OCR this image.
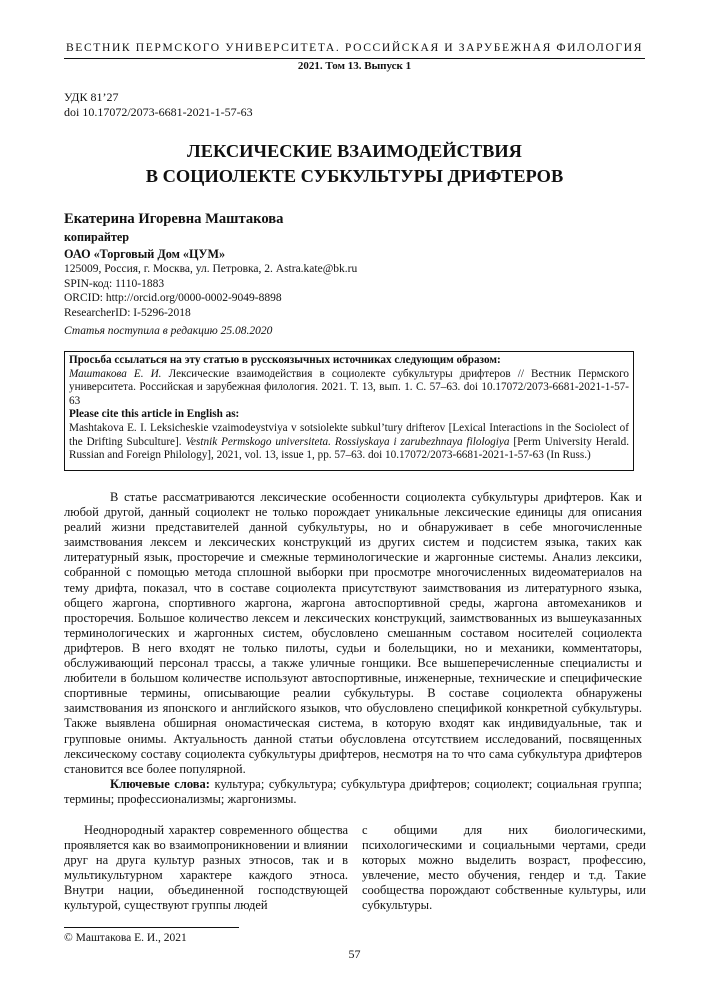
ВЕСТНИК ПЕРМСКОГО УНИВЕРСИТЕТА. РОССИЙСКАЯ И ЗАРУБЕЖНАЯ ФИЛОЛОГИЯ
2021. Том 13. Выпуск 1
УДК 81’27
doi 10.17072/2073-6681-2021-1-57-63
ЛЕКСИЧЕСКИЕ ВЗАИМОДЕЙСТВИЯ
В СОЦИОЛЕКТЕ СУБКУЛЬТУРЫ ДРИФТЕРОВ
Екатерина Игоревна Маштакова
копирайтер
ОАО «Торговый Дом «ЦУМ»
125009, Россия, г. Москва, ул. Петровка, 2. Astra.kate@bk.ru
SPIN-код: 1110-1883
ORCID: http://orcid.org/0000-0002-9049-8898
ResearcherID: I-5296-2018
Статья поступила в редакцию 25.08.2020
Просьба ссылаться на эту статью в русскоязычных источниках следующим образом:
Маштакова Е. И. Лексические взаимодействия в социолекте субкультуры дрифтеров // Вестник Пермского университета. Российская и зарубежная филология. 2021. Т. 13, вып. 1. С. 57–63. doi 10.17072/2073-6681-2021-1-57-63
Please cite this article in English as:
Mashtakova E. I. Leksicheskie vzaimodeystviya v sotsiolekte subkul’tury drifterov [Lexical Interactions in the Sociolect of the Drifting Subculture]. Vestnik Permskogo universiteta. Rossiyskaya i zarubezhnaya filologiya [Perm University Herald. Russian and Foreign Philology], 2021, vol. 13, issue 1, pp. 57–63. doi 10.17072/2073-6681-2021-1-57-63 (In Russ.)

В статье рассматриваются лексические особенности социолекта субкультуры дрифтеров. Как и любой другой, данный социолект не только порождает уникальные лексические единицы для описания реалий жизни представителей данной субкультуры, но и обнаруживает в себе многочисленные заимствования лексем и лексических конструкций из других систем и подсистем языка, таких как литературный язык, просторечие и смежные терминологические и жаргонные системы. Анализ лексики, собранной с помощью метода сплошной выборки при просмотре многочисленных видеоматериалов на тему дрифта, показал, что в составе социолекта присутствуют заимствования из литературного языка, общего жаргона, спортивного жаргона, жаргона автоспортивной среды, жаргона автомехаников и просторечия. Большое количество лексем и лексических конструкций, заимствованных из вышеуказанных терминологических и жаргонных систем, обусловлено смешанным составом носителей социолекта дрифтеров. В него входят не только пилоты, судьи и болельщики, но и механики, комментаторы, обслуживающий персонал трассы, а также уличные гонщики. Все вышеперечисленные специалисты и любители в большом количестве используют автоспортивные, инженерные, технические и специфические спортивные термины, описывающие реалии субкультуры. В составе социолекта обнаружены заимствования из японского и английского языков, что обусловлено спецификой конкретной субкультуры. Также выявлена обширная ономастическая система, в которую входят как индивидуальные, так и групповые онимы. Актуальность данной статьи обусловлена отсутствием исследований, посвященных лексическому составу социолекта субкультуры дрифтеров, несмотря на то что сама субкультура дрифтеров становится все более популярной.

Ключевые слова: культура; субкультура; субкультура дрифтеров; социолект; социальная группа; термины; профессионализмы; жаргонизмы.

Неоднородный характер современного общества проявляется как во взаимопроникновении и влиянии друг на друга культур разных этносов, так и в мультикультурном характере каждого этноса. Внутри нации, объединенной господствующей культурой, существуют группы людей
с общими для них биологическими, психологическими и социальными чертами, среди которых можно выделить возраст, профессию, увлечение, место обучения, гендер и т.д. Такие сообщества порождают собственные культуры, или субкультуры.
© Маштакова Е. И., 2021
57
